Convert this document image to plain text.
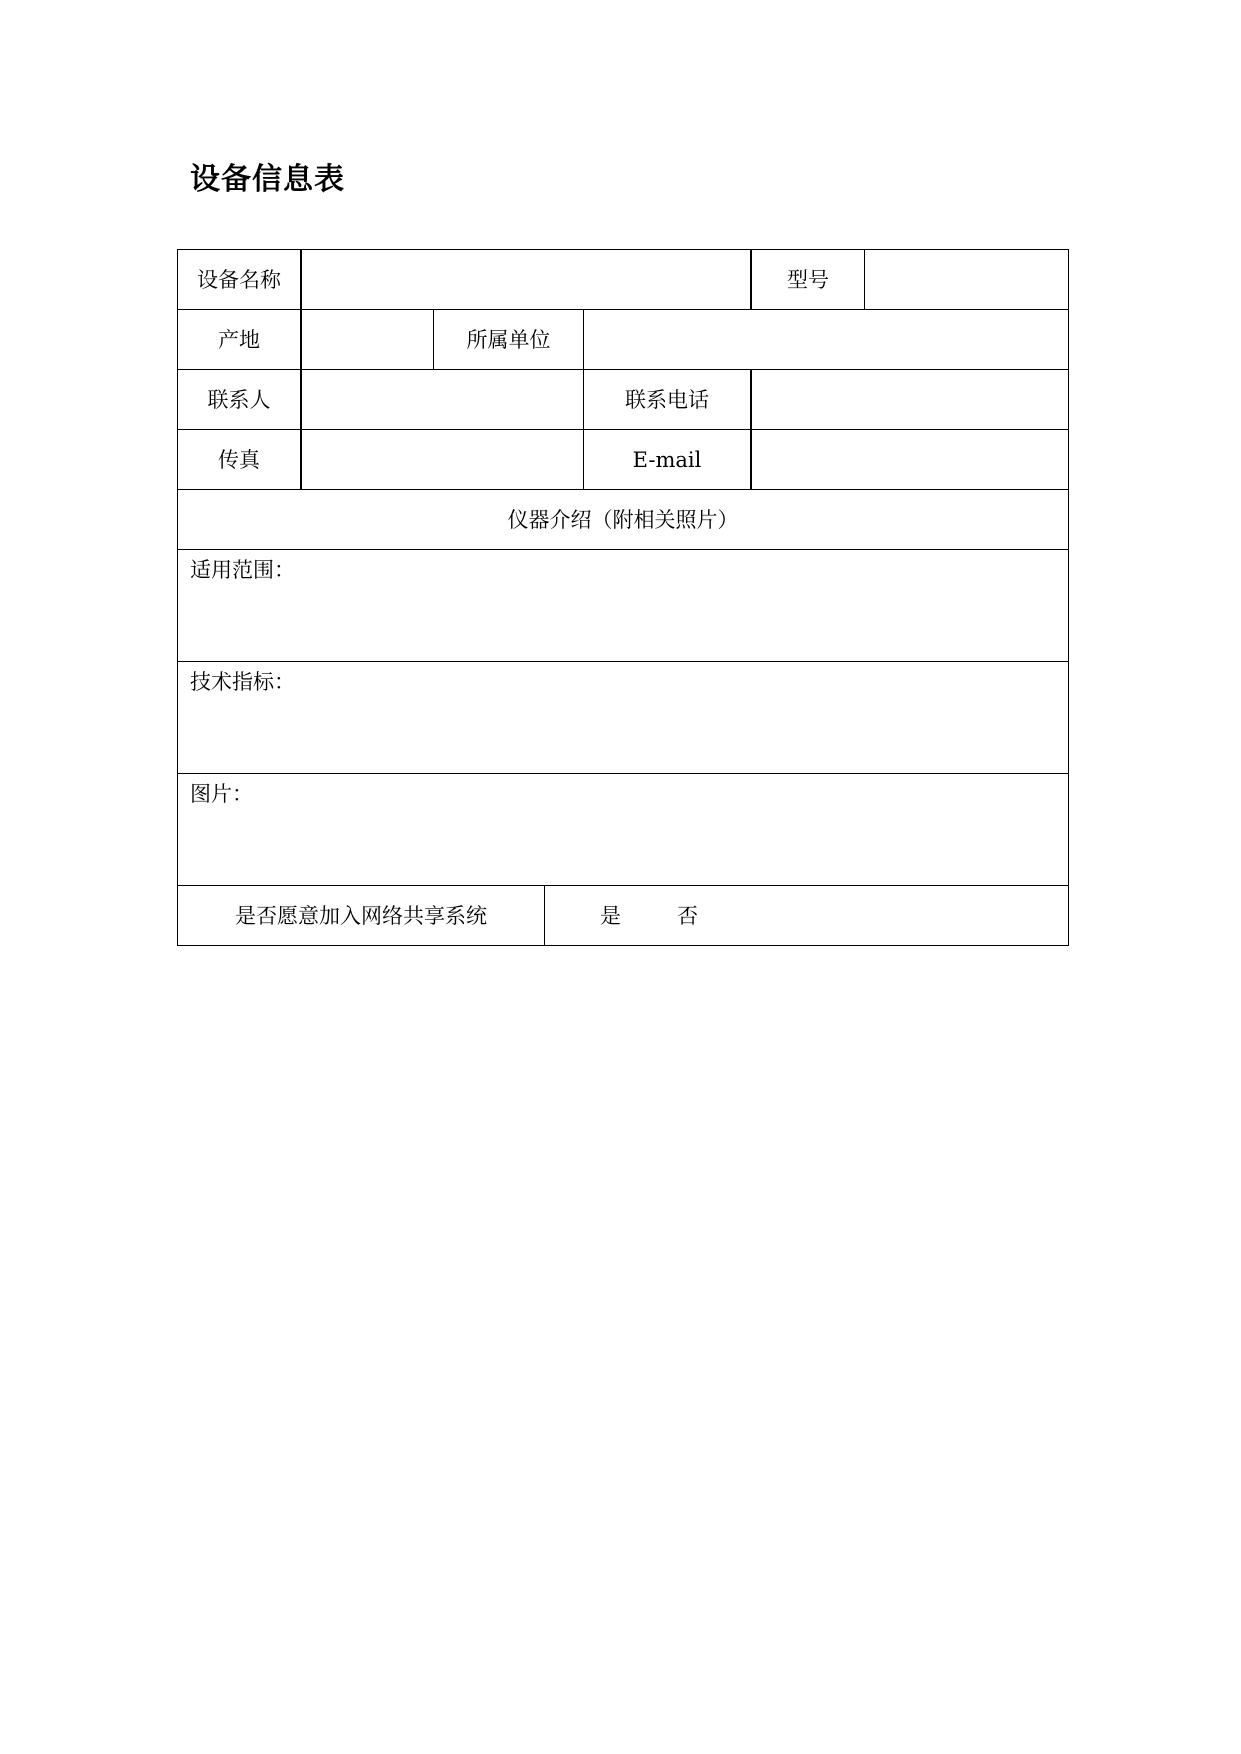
设备信息表
设备名称	型号
产地	所属单位
联系人	联系电话
传真	E-mail
仪器介绍（附相关照片）
适用范围：
技术指标：
图片：
是否愿意加入网络共享系统	是	否
